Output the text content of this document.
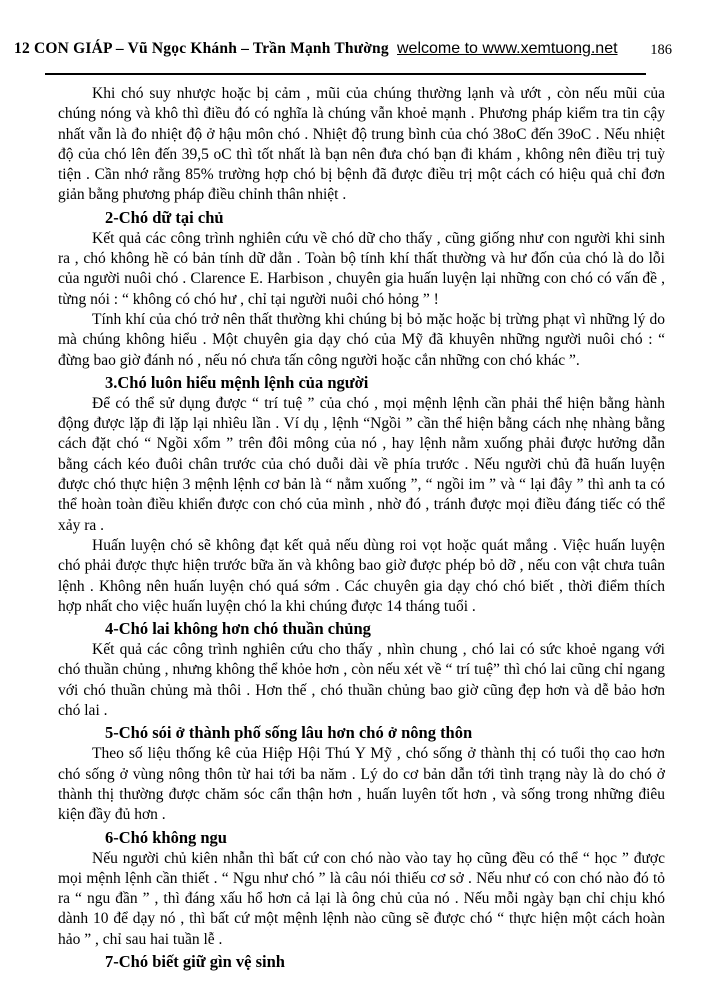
12 CON GIÁP – Vũ Ngọc Khánh – Trần Mạnh Thường welcome to www.xemtuong.net 186

Khi chó suy nhược hoặc bị cảm , mũi của chúng thường lạnh và ướt , còn nếu mũi của chúng nóng và khô thì điều đó có nghĩa là chúng vẫn khoẻ mạnh . Phương pháp kiểm tra tin cậy nhất vẫn là đo nhiệt độ ở hậu môn chó . Nhiệt độ trung bình của chó 38oC đến 39oC . Nếu nhiệt độ của chó lên đến 39,5 oC thì tốt nhất là bạn nên đưa chó bạn đi khám , không nên điều trị tuỳ tiện . Cần nhớ rằng 85% trường hợp chó bị bệnh đã được điều trị một cách có hiệu quả chỉ đơn giản bằng phương pháp điều chỉnh thân nhiệt .

2-Chó dữ tại chủ

Kết quả các công trình nghiên cứu về chó dữ cho thấy , cũng giống như con người khi sinh ra , chó không hề có bản tính dữ dằn . Toàn bộ tính khí thất thường và hư đốn của chó là do lỗi của người nuôi chó . Clarence E. Harbison , chuyên gia huấn luyện lại những con chó có vấn đề , từng nói : “ không có chó hư , chỉ tại người nuôi chó hỏng ” !

Tính khí của chó trở nên thất thường khi chúng bị bỏ mặc hoặc bị trừng phạt vì những lý do mà chúng không hiểu . Một chuyên gia dạy chó của Mỹ đã khuyên những người nuôi chó : “ đừng bao giờ đánh nó , nếu nó chưa tấn công người hoặc cắn những con chó khác ”.

3.Chó luôn hiểu mệnh lệnh của người

Để có thể sử dụng được “ trí tuệ ” của chó , mọi mệnh lệnh cần phải thể hiện bằng hành động được lặp đi lặp lại nhìêu lần . Ví dụ , lệnh “Ngồi ” cần thể hiện bằng cách nhẹ nhàng bằng cách đặt chó “ Ngồi xổm ” trên đôi mông của nó , hay lệnh nằm xuống phải được hưởng dẫn bằng cách kéo đuôi chân trước của chó duỗi dài về phía trước . Nếu người chủ đã huấn luyện được chó thực hiện 3 mệnh lệnh cơ bản là “ nằm xuống ”, “ ngồi im ” và “ lại đây ” thì anh ta có thể hoàn toàn điều khiển được con chó của mình , nhờ đó , tránh được mọi điều đáng tiếc có thể xảy ra .

Huấn luyện chó sẽ không đạt kết quả nếu dùng roi vọt hoặc quát mắng . Việc huấn luyện chó phải được thực hiện trước bữa ăn và không bao giờ được phép bỏ dỡ , nếu con vật chưa tuân lệnh . Không nên huấn luyện chó quá sớm . Các chuyên gia dạy chó chó biết , thời điểm thích hợp nhất cho việc huấn luyện chó la khi chúng được 14 tháng tuổi .

4-Chó lai không hơn chó thuần chủng

Kết quả các công trình nghiên cứu cho thấy , nhìn chung , chó lai có sức khoẻ ngang với chó thuần chủng , nhưng không thể khỏe hơn , còn nếu xét về “ trí tuệ” thì chó lai cũng chỉ ngang với chó thuần chủng mà thôi . Hơn thế , chó thuần chủng bao giờ cũng đẹp hơn và dễ bảo hơn chó lai .

5-Chó sói ở thành phố sống lâu hơn chó ở nông thôn

Theo số liệu thống kê của Hiệp Hội Thú Y Mỹ , chó sống ở thành thị có tuổi thọ cao hơn chó sống ở vùng nông thôn từ hai tới ba năm . Lý do cơ bản dẫn tới tình trạng này là do chó ở thành thị thường được chăm sóc cẩn thận hơn , huấn luyên tốt hơn , và sống trong những điêu kiện đầy đủ hơn .

6-Chó không ngu

Nếu người chủ kiên nhẫn thì bất cứ con chó nào vào tay họ cũng đều có thể “ học ” được mọi mệnh lệnh cần thiết . “ Ngu như chó ” là câu nói thiếu cơ sở . Nếu như có con chó nào đó tỏ ra “ ngu đần ” , thì đáng xấu hổ hơn cả lại là ông chủ của nó . Nếu mỗi ngày bạn chỉ chịu khó dành 10 để dạy nó , thì bất cứ một mệnh lệnh nào cũng sẽ được chó “ thực hiện một cách hoàn hảo ” , chỉ sau hai tuần lễ .

7-Chó biết giữ gìn vệ sinh
